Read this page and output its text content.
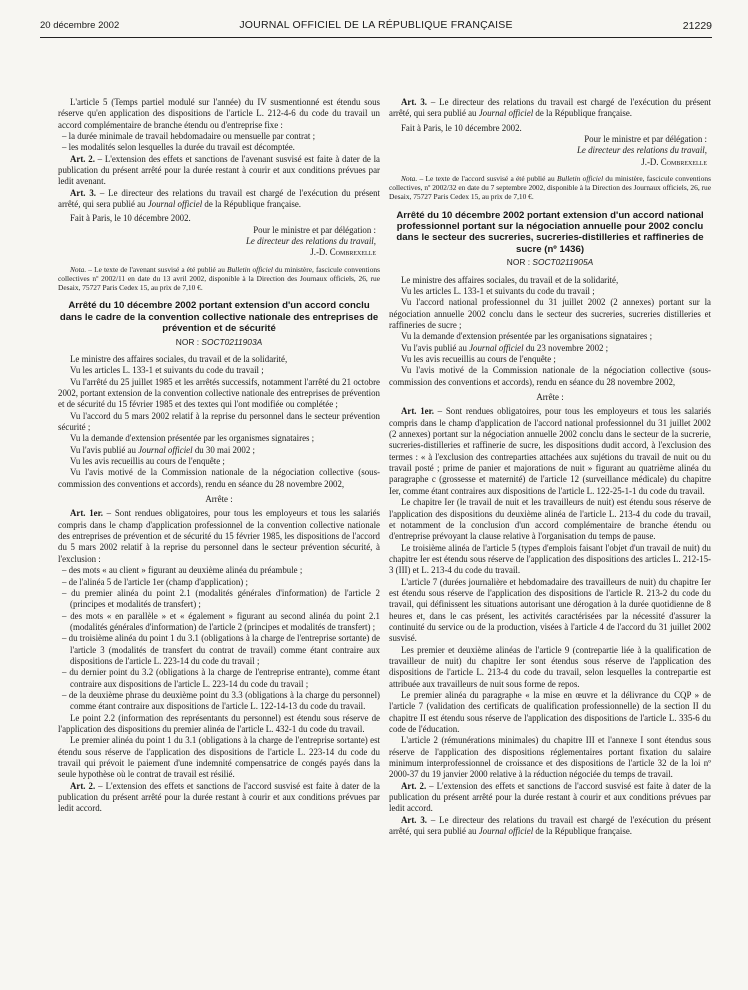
20 décembre 2002	JOURNAL OFFICIEL DE LA RÉPUBLIQUE FRANÇAISE	21229

L'article 5 (Temps partiel modulé sur l'année) du IV susmentionné est étendu sous réserve qu'en application des dispositions de l'article L. 212-4-6 du code du travail un accord complémentaire de branche étendu ou d'entreprise fixe :

– la durée minimale de travail hebdomadaire ou mensuelle par contrat ;
– les modalités selon lesquelles la durée du travail est décomptée.

Art. 2. – L'extension des effets et sanctions de l'avenant susvisé est faite à dater de la publication du présent arrêté pour la durée restant à courir et aux conditions prévues par ledit avenant.

Art. 3. – Le directeur des relations du travail est chargé de l'exécution du présent arrêté, qui sera publié au Journal officiel de la République française.

Fait à Paris, le 10 décembre 2002.

Pour le ministre et par délégation :

Le directeur des relations du travail,

J.-D. Combrexelle

Nota. – Le texte de l'avenant susvisé a été publié au Bulletin officiel du ministère, fascicule conventions collectives nº 2002/11 en date du 13 avril 2002, disponible à la Direction des Journaux officiels, 26, rue Desaix, 75727 Paris Cedex 15, au prix de 7,10 €.

Arrêté du 10 décembre 2002 portant extension d'un accord conclu dans le cadre de la convention collective nationale des entreprises de prévention et de sécurité
NOR : SOCT0211903A

Le ministre des affaires sociales, du travail et de la solidarité,

Vu les articles L. 133-1 et suivants du code du travail ;

Vu l'arrêté du 25 juillet 1985 et les arrêtés successifs, notamment l'arrêté du 21 octobre 2002, portant extension de la convention collective nationale des entreprises de prévention et de sécurité du 15 février 1985 et des textes qui l'ont modifiée ou complétée ;

Vu l'accord du 5 mars 2002 relatif à la reprise du personnel dans le secteur prévention sécurité ;

Vu la demande d'extension présentée par les organismes signataires ;

Vu l'avis publié au Journal officiel du 30 mai 2002 ;

Vu les avis recueillis au cours de l'enquête ;

Vu l'avis motivé de la Commission nationale de la négociation collective (sous-commission des conventions et accords), rendu en séance du 28 novembre 2002,

Arrête :

Art. 1er. – Sont rendues obligatoires, pour tous les employeurs et tous les salariés compris dans le champ d'application professionnel de la convention collective nationale des entreprises de prévention et de sécurité du 15 février 1985, les dispositions de l'accord du 5 mars 2002 relatif à la reprise du personnel dans le secteur prévention sécurité, à l'exclusion :

– des mots « au client » figurant au deuxième alinéa du préambule ;
– de l'alinéa 5 de l'article 1er (champ d'application) ;
– du premier alinéa du point 2.1 (modalités générales d'information) de l'article 2 (principes et modalités de transfert) ;
– des mots « en parallèle » et « également » figurant au second alinéa du point 2.1 (modalités générales d'information) de l'article 2 (principes et modalités de transfert) ;
– du troisième alinéa du point 1 du 3.1 (obligations à la charge de l'entreprise sortante) de l'article 3 (modalités de transfert du contrat de travail) comme étant contraire aux dispositions de l'article L. 223-14 du code du travail ;
– du dernier point du 3.2 (obligations à la charge de l'entreprise entrante), comme étant contraire aux dispositions de l'article L. 223-14 du code du travail ;
– de la deuxième phrase du deuxième point du 3.3 (obligations à la charge du personnel) comme étant contraire aux dispositions de l'article L. 122-14-13 du code du travail.

Le point 2.2 (information des représentants du personnel) est étendu sous réserve de l'application des dispositions du premier alinéa de l'article L. 432-1 du code du travail.

Le premier alinéa du point 1 du 3.1 (obligations à la charge de l'entreprise sortante) est étendu sous réserve de l'application des dispositions de l'article L. 223-14 du code du travail qui prévoit le paiement d'une indemnité compensatrice de congés payés dans la seule hypothèse où le contrat de travail est résilié.

Art. 2. – L'extension des effets et sanctions de l'accord susvisé est faite à dater de la publication du présent arrêté pour la durée restant à courir et aux conditions prévues par ledit accord.

Art. 3. – Le directeur des relations du travail est chargé de l'exécution du présent arrêté, qui sera publié au Journal officiel de la République française.

Fait à Paris, le 10 décembre 2002.

Pour le ministre et par délégation :

Le directeur des relations du travail,

J.-D. Combrexelle

Nota. – Le texte de l'accord susvisé a été publié au Bulletin officiel du ministère, fascicule conventions collectives, nº 2002/32 en date du 7 septembre 2002, disponible à la Direction des Journaux officiels, 26, rue Desaix, 75727 Paris Cedex 15, au prix de 7,10 €.

Arrêté du 10 décembre 2002 portant extension d'un accord national professionnel portant sur la négociation annuelle pour 2002 conclu dans le secteur des sucreries, sucreries-distilleries et raffineries de sucre (nº 1436)
NOR : SOCT0211905A

Le ministre des affaires sociales, du travail et de la solidarité,

Vu les articles L. 133-1 et suivants du code du travail ;

Vu l'accord national professionnel du 31 juillet 2002 (2 annexes) portant sur la négociation annuelle 2002 conclu dans le secteur des sucreries, sucreries distilleries et raffineries de sucre ;

Vu la demande d'extension présentée par les organisations signataires ;

Vu l'avis publié au Journal officiel du 23 novembre 2002 ;

Vu les avis recueillis au cours de l'enquête ;

Vu l'avis motivé de la Commission nationale de la négociation collective (sous-commission des conventions et accords), rendu en séance du 28 novembre 2002,

Arrête :

Art. 1er. – Sont rendues obligatoires, pour tous les employeurs et tous les salariés compris dans le champ d'application de l'accord national professionnel du 31 juillet 2002 (2 annexes) portant sur la négociation annuelle 2002 conclu dans le secteur de la sucrerie, sucreries-distilleries et raffinerie de sucre, les dispositions dudit accord, à l'exclusion des termes : « à l'exclusion des contreparties attachées aux sujétions du travail de nuit ou du travail posté ; prime de panier et majorations de nuit » figurant au quatrième alinéa du paragraphe c (grossesse et maternité) de l'article 12 (surveillance médicale) du chapitre Ier, comme étant contraires aux dispositions de l'article L. 122-25-1-1 du code du travail.

Le chapitre Ier (le travail de nuit et les travailleurs de nuit) est étendu sous réserve de l'application des dispositions du deuxième alinéa de l'article L. 213-4 du code du travail, et notamment de la conclusion d'un accord complémentaire de branche étendu ou d'entreprise prévoyant la clause relative à l'organisation du temps de pause.

Le troisième alinéa de l'article 5 (types d'emplois faisant l'objet d'un travail de nuit) du chapitre Ier est étendu sous réserve de l'application des dispositions des articles L. 212-15-3 (III) et L. 213-4 du code du travail.

L'article 7 (durées journalière et hebdomadaire des travailleurs de nuit) du chapitre Ier est étendu sous réserve de l'application des dispositions de l'article R. 213-2 du code du travail, qui définissent les situations autorisant une dérogation à la durée quotidienne de 8 heures et, dans le cas présent, les activités caractérisées par la nécessité d'assurer la continuité du service ou de la production, visées à l'article 4 de l'accord du 31 juillet 2002 susvisé.

Les premier et deuxième alinéas de l'article 9 (contrepartie liée à la qualification de travailleur de nuit) du chapitre Ier sont étendus sous réserve de l'application des dispositions de l'article L. 213-4 du code du travail, selon lesquelles la contrepartie est attribuée aux travailleurs de nuit sous forme de repos.

Le premier alinéa du paragraphe « la mise en œuvre et la délivrance du CQP » de l'article 7 (validation des certificats de qualification professionnelle) de la section II du chapitre II est étendu sous réserve de l'application des dispositions de l'article L. 335-6 du code de l'éducation.

L'article 2 (rémunérations minimales) du chapitre III et l'annexe I sont étendus sous réserve de l'application des dispositions réglementaires portant fixation du salaire minimum interprofessionnel de croissance et des dispositions de l'article 32 de la loi nº 2000-37 du 19 janvier 2000 relative à la réduction négociée du temps de travail.

Art. 2. – L'extension des effets et sanctions de l'accord susvisé est faite à dater de la publication du présent arrêté pour la durée restant à courir et aux conditions prévues par ledit accord.

Art. 3. – Le directeur des relations du travail est chargé de l'exécution du présent arrêté, qui sera publié au Journal officiel de la République française.
